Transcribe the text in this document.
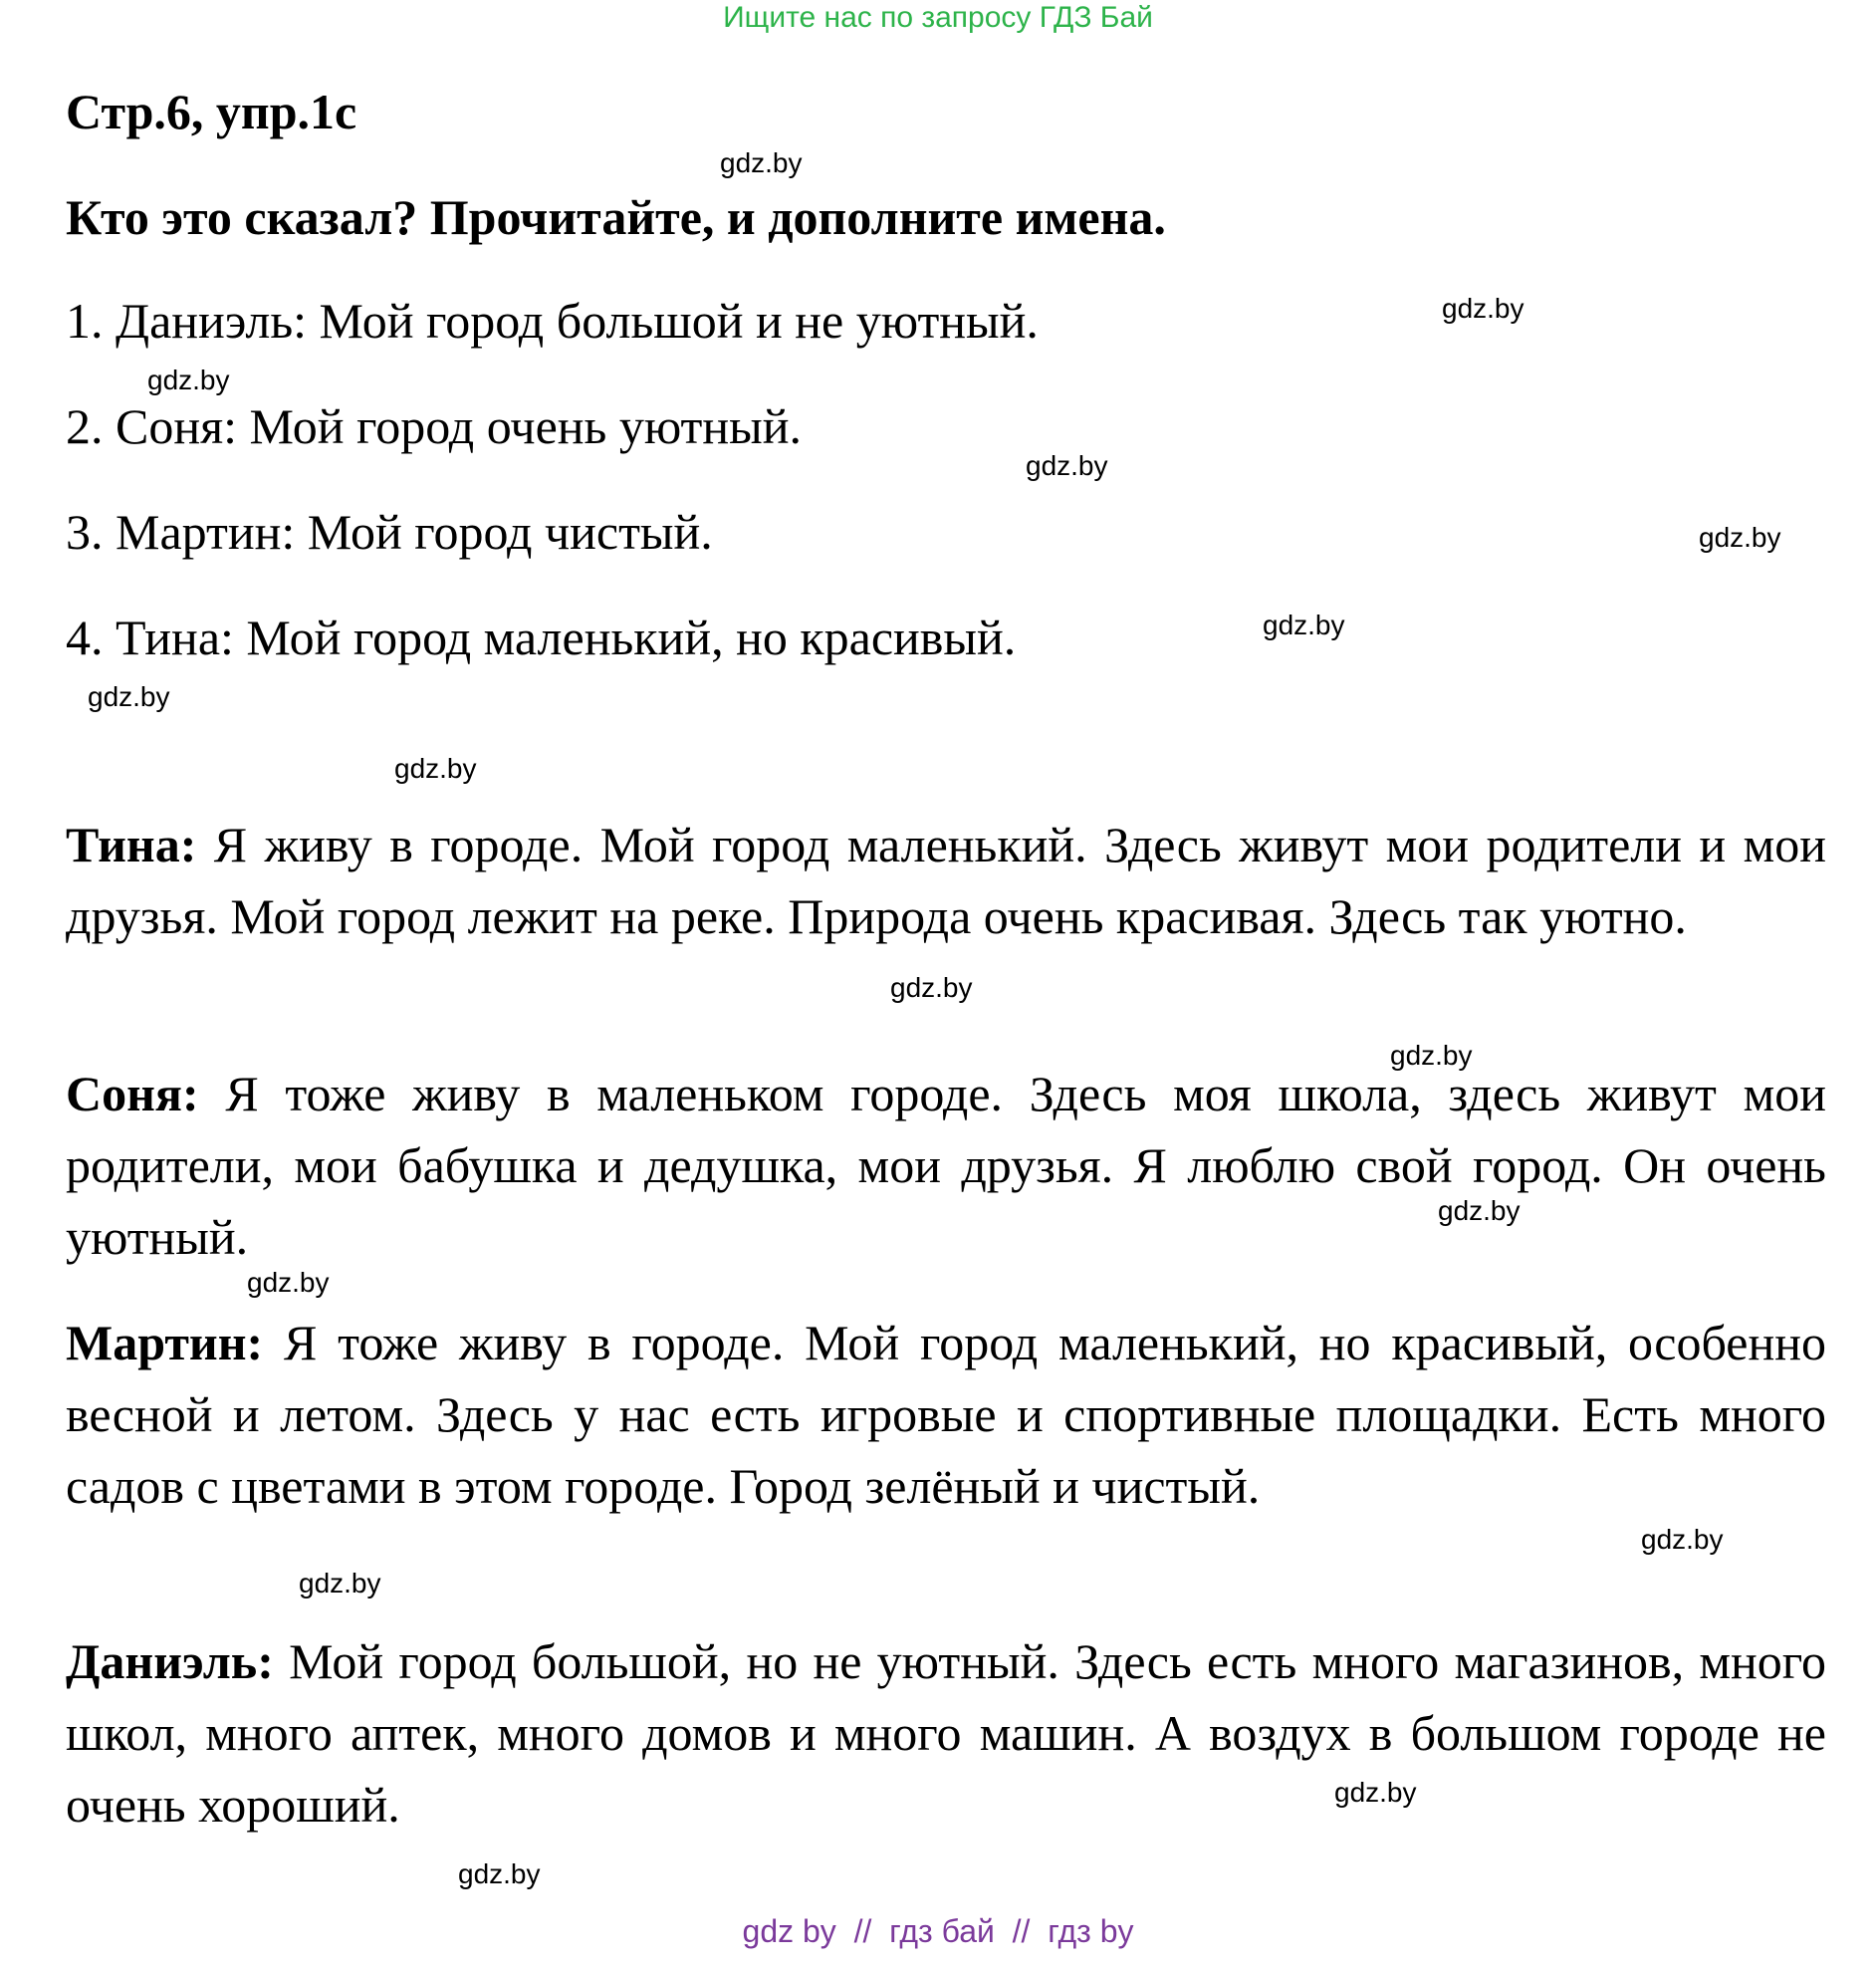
Ищите нас по запросу ГДЗ Бай
Стр.6, упр.1c
Кто это сказал? Прочитайте, и дополните имена.
1. Даниэль: Мой город большой и не уютный.
2. Соня: Мой город очень уютный.
3. Мартин: Мой город чистый.
4. Тина: Мой город маленький, но красивый.
Тина: Я живу в городе. Мой город маленький. Здесь живут мои родители и мои друзья. Мой город лежит на реке. Природа очень красивая. Здесь так уютно.
Соня: Я тоже живу в маленьком городе. Здесь моя школа, здесь живут мои родители, мои бабушка и дедушка, мои друзья. Я люблю свой город. Он очень уютный.
Мартин: Я тоже живу в городе. Мой город маленький, но красивый, особенно весной и летом. Здесь у нас есть игровые и спортивные площадки. Есть много садов с цветами в этом городе. Город зелёный и чистый.
Даниэль: Мой город большой, но не уютный. Здесь есть много магазинов, много школ, много аптек, много домов и много машин. А воздух в большом городе не очень хороший.
gdz.by
gdz.by
gdz.by
gdz.by
gdz.by
gdz.by
gdz.by
gdz.by
gdz.by
gdz.by
gdz.by
gdz.by
gdz.by
gdz.by
gdz.by
gdz.by
gdz by  //  гдз бай  //  гдз by
